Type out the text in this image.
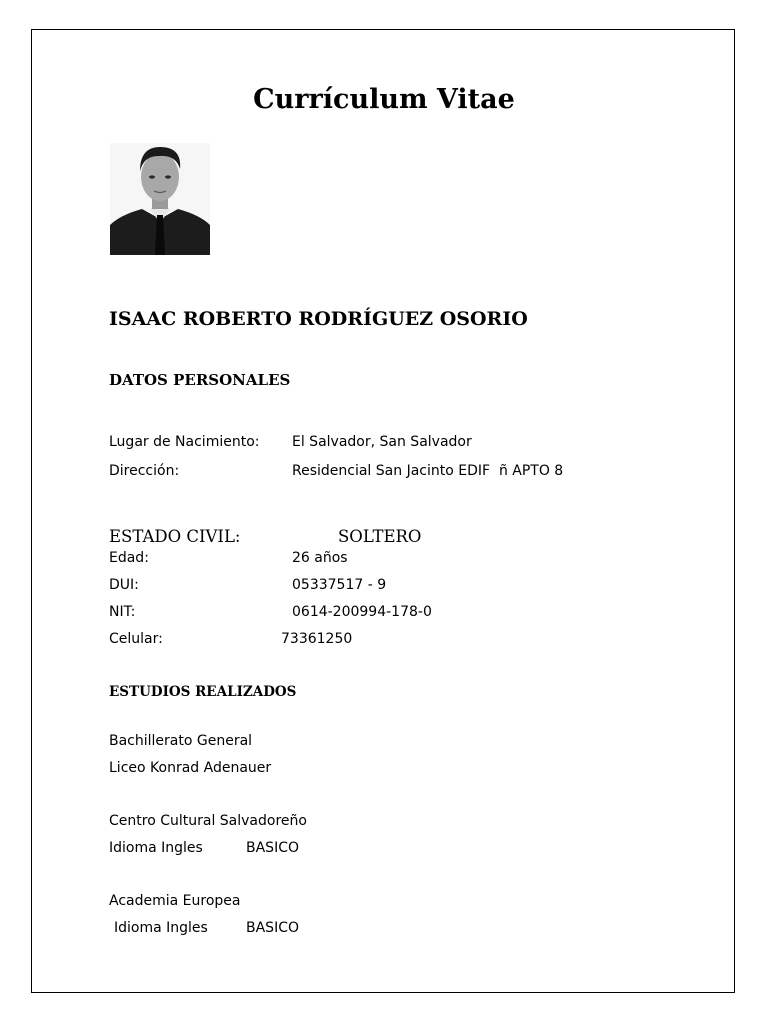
Currículum Vitae
ISAAC ROBERTO RODRÍGUEZ OSORIO
DATOS PERSONALES
Lugar de Nacimiento: El Salvador, San Salvador
Dirección:	Residencial San Jacinto EDIF  ñ APTO 8
ESTADO CIVIL:	SOLTERO
Edad:	26 años
DUI:	05337517 - 9
NIT:	0614-200994-178-0
Celular:	73361250
ESTUDIOS REALIZADOS
Bachillerato General
Liceo Konrad Adenauer
Centro Cultural Salvadoreño
Idioma Ingles	BASICO
Academia Europea
Idioma Ingles	BASICO
